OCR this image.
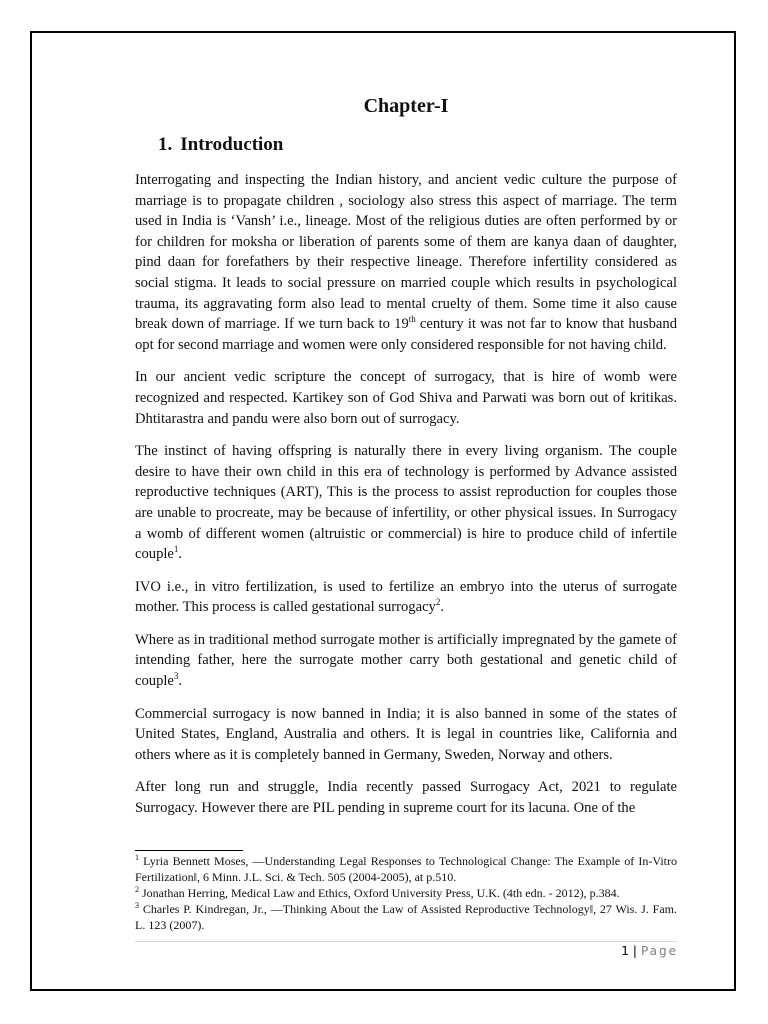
Chapter-I
1. Introduction

Interrogating and inspecting the Indian history, and ancient vedic culture the purpose of marriage is to propagate children , sociology also stress this aspect of marriage. The term used in India is ‘Vansh’ i.e., lineage. Most of the religious duties are often performed by or for children for moksha or liberation of parents some of them are kanya daan of daughter, pind daan for forefathers by their respective lineage. Therefore infertility considered as social stigma. It leads to social pressure on married couple which results in psychological trauma, its aggravating form also lead to mental cruelty of them. Some time it also cause break down of marriage. If we turn back to 19th century it was not far to know that husband opt for second marriage and women were only considered responsible for not having child.

In our ancient vedic scripture the concept of surrogacy, that is hire of womb were recognized and respected. Kartikey son of God Shiva and Parwati was born out of kritikas. Dhtitarastra and pandu were also born out of surrogacy.

The instinct of having offspring is naturally there in every living organism. The couple desire to have their own child in this era of technology is performed by Advance assisted reproductive techniques (ART), This is the process to assist reproduction for couples those are unable to procreate, may be because of infertility, or other physical issues. In Surrogacy a womb of different women (altruistic or commercial) is hire to produce child of infertile couple$^1$.

IVO i.e., in vitro fertilization, is used to fertilize an embryo into the uterus of surrogate mother. This process is called gestational surrogacy$^2$.

Where as in traditional method surrogate mother is artificially impregnated by the gamete of intending father, here the surrogate mother carry both gestational and genetic child of couple$^3$.

Commercial surrogacy is now banned in India; it is also banned in some of the states of United States, England, Australia and others. It is legal in countries like, California and others where as it is completely banned in Germany, Sweden, Norway and others.

After long run and struggle, India recently passed Surrogacy Act, 2021 to regulate Surrogacy. However there are PIL pending in supreme court for its lacuna. One of the

$^1$ Lyria Bennett Moses, —Understanding Legal Responses to Technological Change: The Example of In-Vitro Fertilization‖, 6 Minn. J.L. Sci. & Tech. 505 (2004-2005), at p.510.

$^2$ Jonathan Herring, Medical Law and Ethics, Oxford University Press, U.K. (4th edn. - 2012), p.384.

$^3$ Charles P. Kindregan, Jr., —Thinking About the Law of Assisted Reproductive Technology‖, 27 Wis. J. Fam. L. 123 (2007).

1 | Page
